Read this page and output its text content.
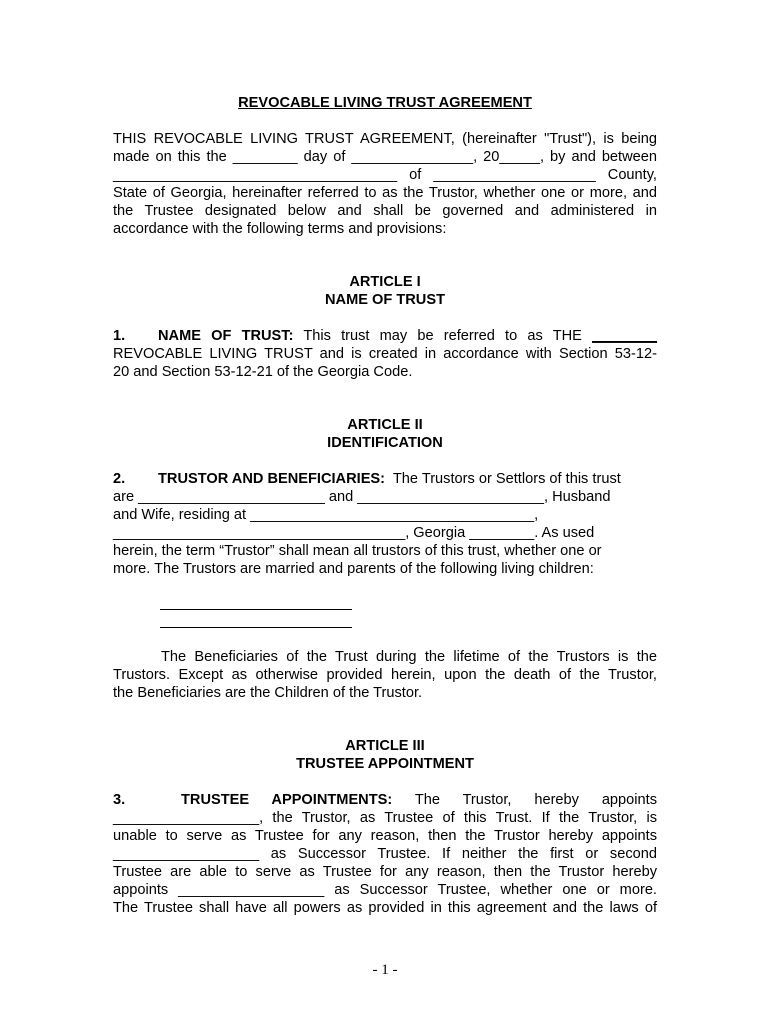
REVOCABLE LIVING TRUST AGREEMENT

THIS REVOCABLE LIVING TRUST AGREEMENT, (hereinafter "Trust"), is being
made on this the ________ day of _______________, 20_____, by and between
___________________________________ of ____________________ County,
State of Georgia, hereinafter referred to as the Trustor, whether one or more, and
the Trustee designated below and shall be governed and administered in
accordance with the following terms and provisions:

ARTICLE I

NAME OF TRUST

1. NAME OF TRUST: This trust may be referred to as THE ________
REVOCABLE LIVING TRUST and is created in accordance with Section 53-12-
20 and Section 53-12-21 of the Georgia Code.

ARTICLE II

IDENTIFICATION

2. TRUSTOR AND BENEFICIARIES: The Trustors or Settlors of this trust
are _______________________ and _______________________, Husband
and Wife, residing at ___________________________________,
____________________________________, Georgia ________. As used
herein, the term “Trustor” shall mean all trustors of this trust, whether one or
more. The Trustors are married and parents of the following living children:
The Beneficiaries of the Trust during the lifetime of the Trustors is the
Trustors. Except as otherwise provided herein, upon the death of the Trustor,
the Beneficiaries are the Children of the Trustor.

ARTICLE III

TRUSTEE APPOINTMENT

3.	TRUSTEE APPOINTMENTS: The Trustor, hereby appoints
__________________, the Trustor, as Trustee of this Trust. If the Trustor, is
unable to serve as Trustee for any reason, then the Trustor hereby appoints
__________________ as Successor Trustee. If neither the first or second
Trustee are able to serve as Trustee for any reason, then the Trustor hereby
appoints __________________ as Successor Trustee, whether one or more.
The Trustee shall have all powers as provided in this agreement and the laws of
- 1 -
